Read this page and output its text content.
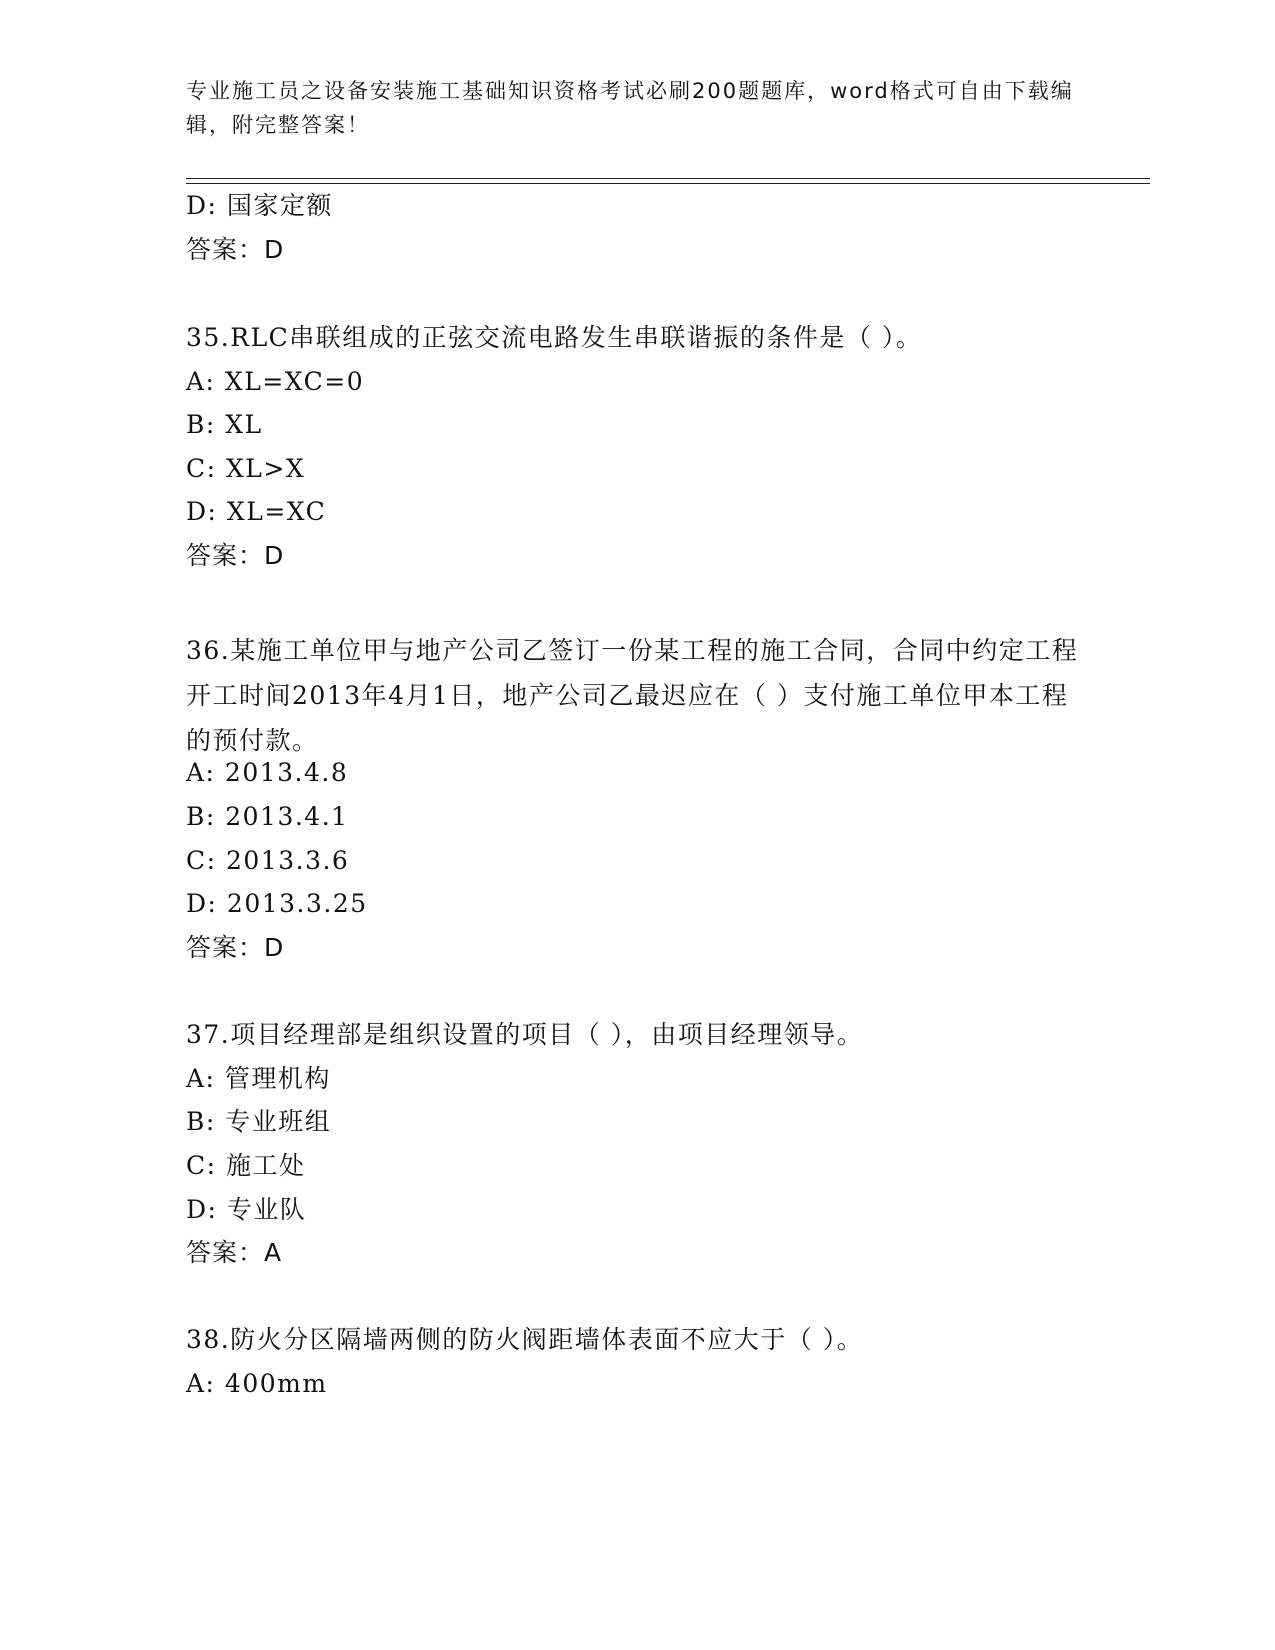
专业施工员之设备安装施工基础知识资格考试必刷200题题库，word格式可自由下载编辑，附完整答案！
D: 国家定额
答案：D
35.RLC串联组成的正弦交流电路发生串联谐振的条件是（ ）。
A: XL=XC=0
B: XL
C: XL>X
D: XL=XC
答案：D
36.某施工单位甲与地产公司乙签订一份某工程的施工合同，合同中约定工程开工时间2013年4月1日，地产公司乙最迟应在（ ）支付施工单位甲本工程的预付款。
A: 2013.4.8
B: 2013.4.1
C: 2013.3.6
D: 2013.3.25
答案：D
37.项目经理部是组织设置的项目（ ），由项目经理领导。
A: 管理机构
B: 专业班组
C: 施工处
D: 专业队
答案：A
38.防火分区隔墙两侧的防火阀距墙体表面不应大于（ ）。
A: 400mm
